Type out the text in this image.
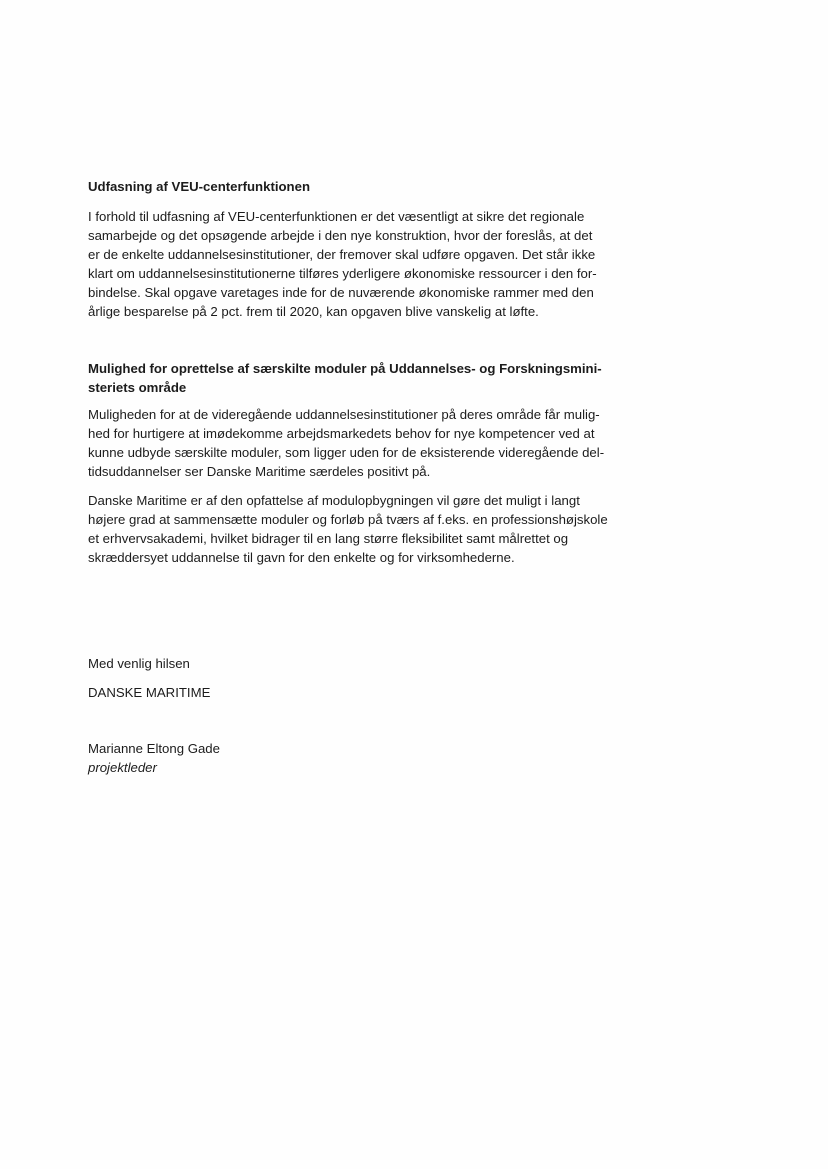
Udfasning af VEU-centerfunktionen

I forhold til udfasning af VEU-centerfunktionen er det væsentligt at sikre det regionale

samarbejde og det opsøgende arbejde i den nye konstruktion, hvor der foreslås, at det

er de enkelte uddannelsesinstitutioner, der fremover skal udføre opgaven. Det står ikke

klart om uddannelsesinstitutionerne tilføres yderligere økonomiske ressourcer i den for-

bindelse. Skal opgave varetages inde for de nuværende økonomiske rammer med den

årlige besparelse på 2 pct. frem til 2020, kan opgaven blive vanskelig at løfte.

Mulighed for oprettelse af særskilte moduler på Uddannelses- og Forskningsmini-

steriets område

Muligheden for at de videregående uddannelsesinstitutioner på deres område får mulig-

hed for hurtigere at imødekomme arbejdsmarkedets behov for nye kompetencer ved at

kunne udbyde særskilte moduler, som ligger uden for de eksisterende videregående del-

tidsuddannelser ser Danske Maritime særdeles positivt på.

Danske Maritime er af den opfattelse af modulopbygningen vil gøre det muligt i langt

højere grad at sammensætte moduler og forløb på tværs af f.eks. en professionshøjskole

et erhvervsakademi, hvilket bidrager til en lang større fleksibilitet samt målrettet og

skræddersyet uddannelse til gavn for den enkelte og for virksomhederne.

Med venlig hilsen

DANSKE MARITIME

Marianne Eltong Gade

projektleder
